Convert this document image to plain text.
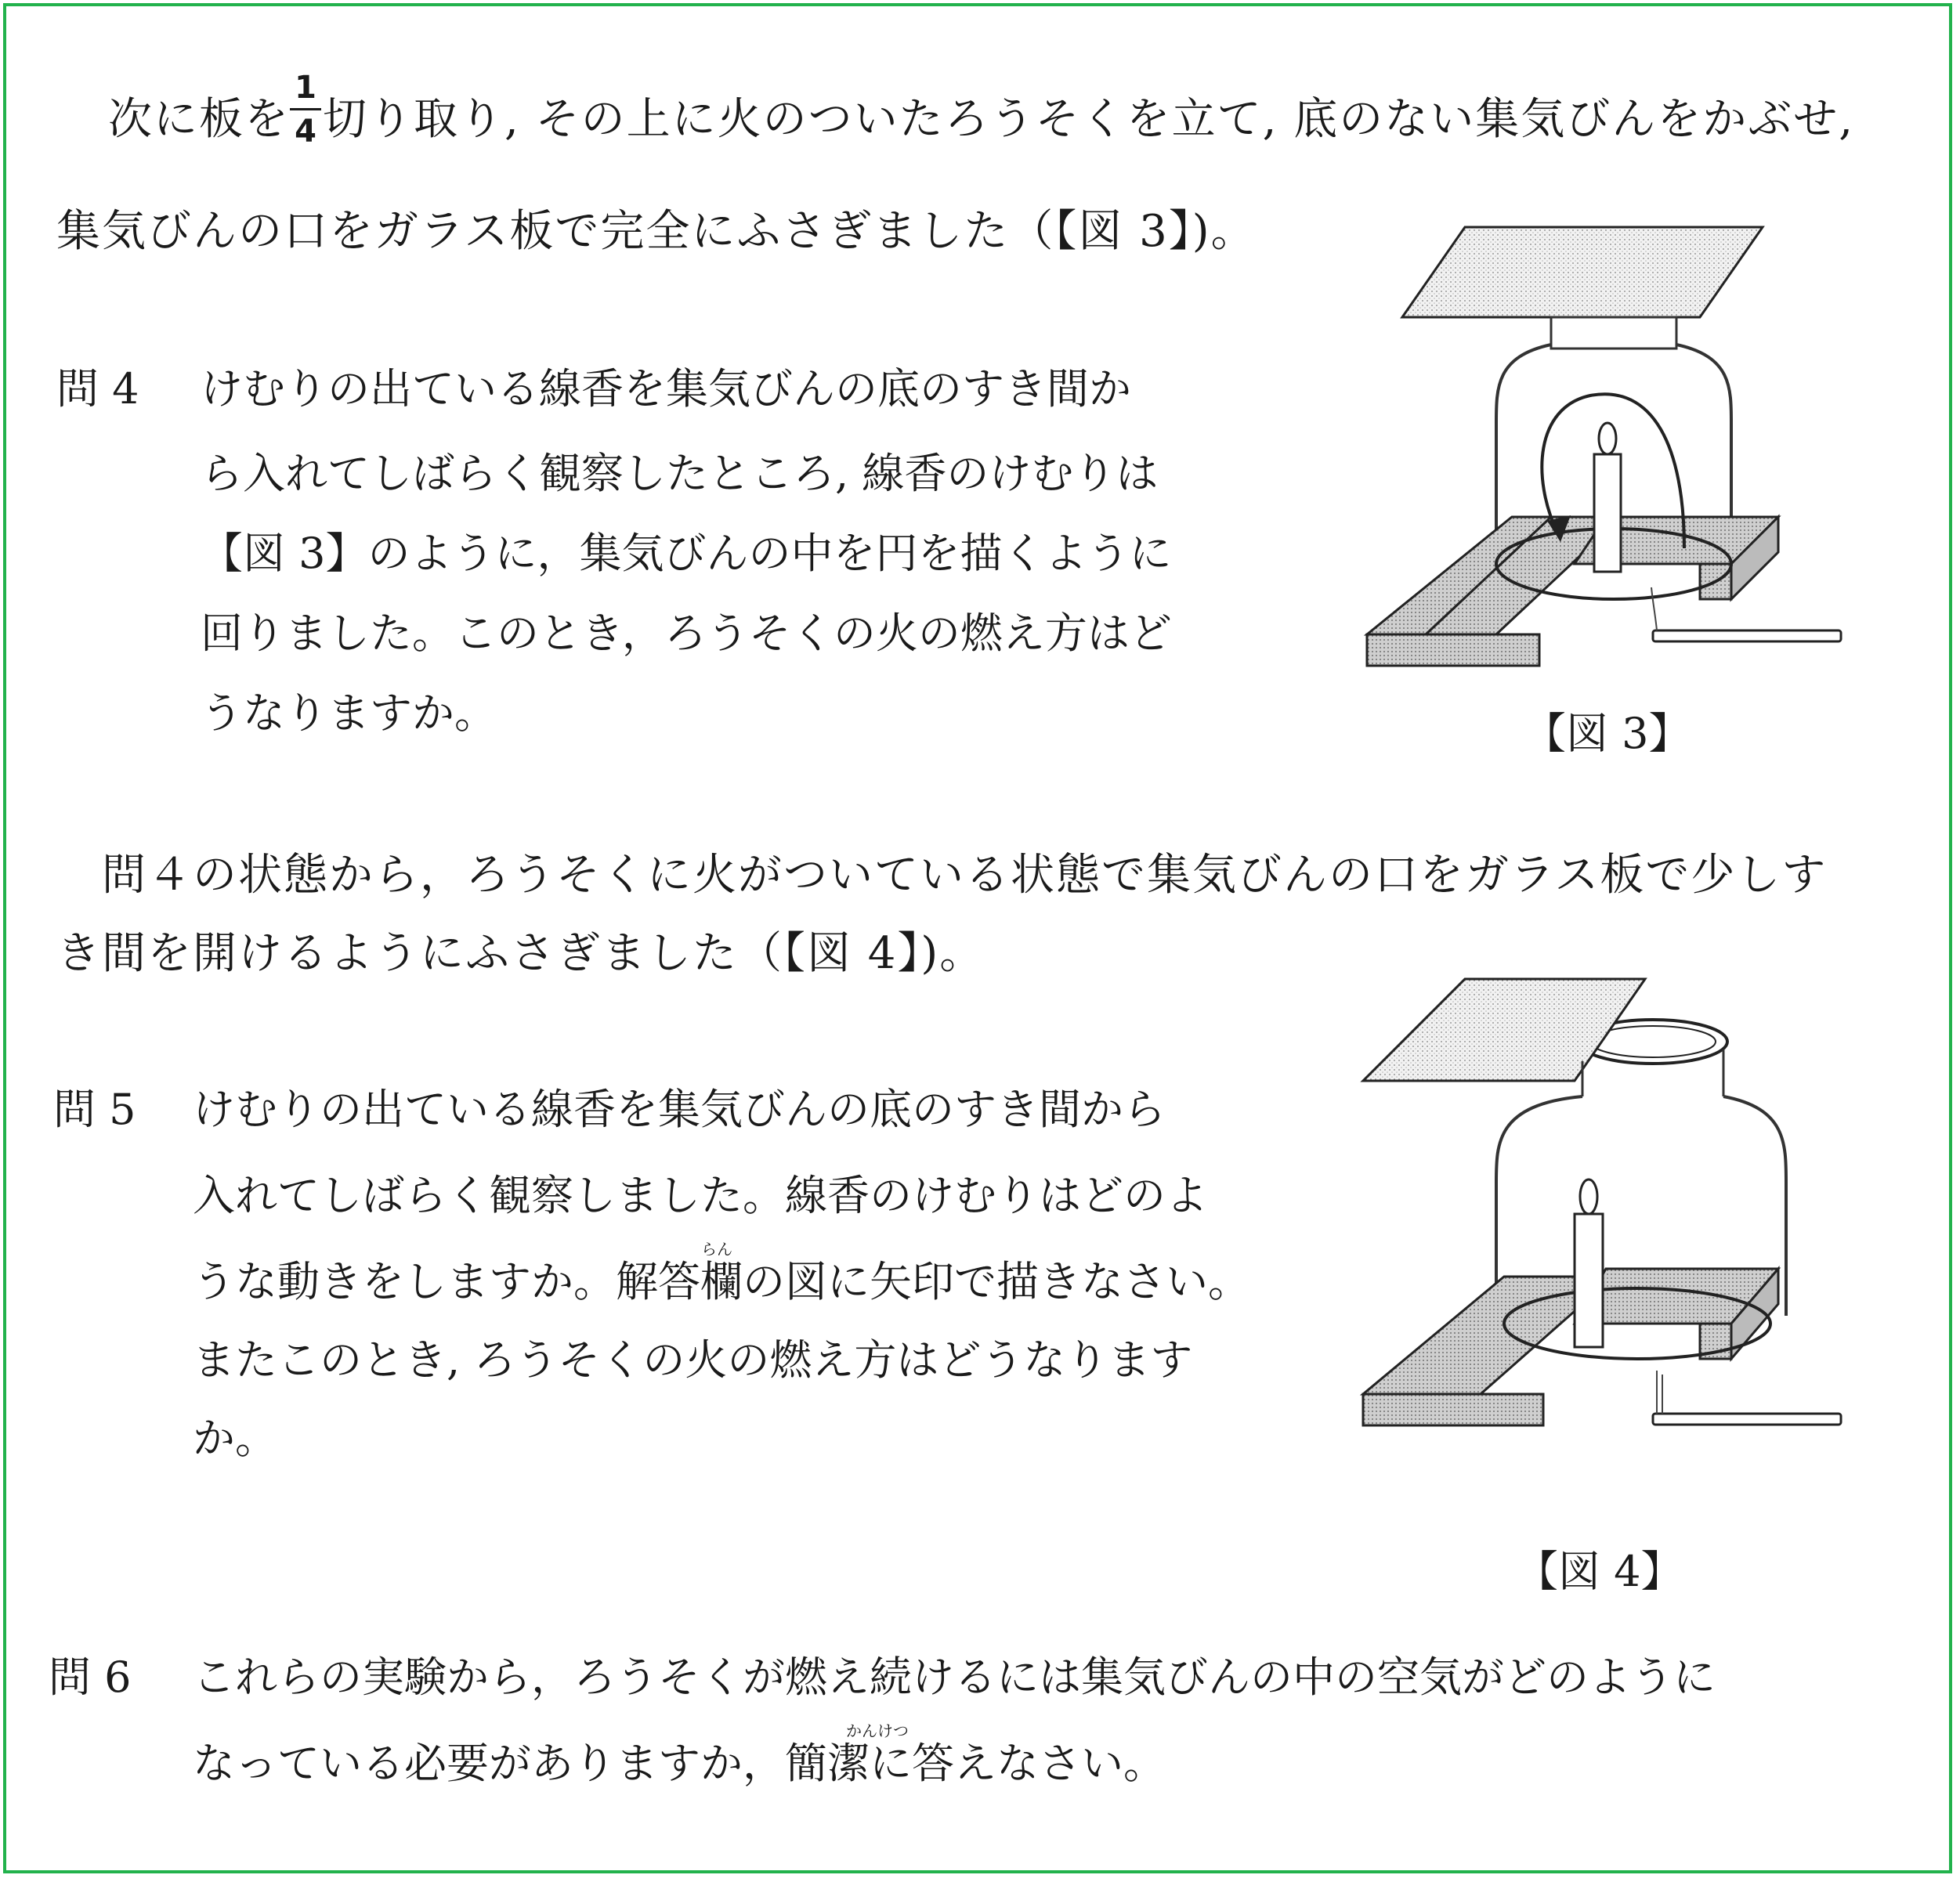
次に板を
1
4 切り取り, その上に火のついたろうそくを立て, 底のない集気びんをかぶせ,
集気びんの口をガラス板で完全にふさぎました（【図 3】)。
問 4 けむりの出ている線香を集気びんの底のすき間か
ら入れてしばらく観察したところ, 線香のけむりは
【図 3】のように，集気びんの中を円を描くように
回りました。このとき，ろうそくの火の燃え方はど
うなりますか。	【図 3】
問４の状態から，ろうそくに火がついている状態で集気びんの口をガラス板で少しす
き間を開けるようにふさぎました（【図 4】)。
問 5 けむりの出ている線香を集気びんの底のすき間から
入れてしばらく観察しました。線香のけむりはどのよ
らん
うな動きをしますか。解答欄の図に矢印で描きなさい。
またこのとき, ろうそくの火の燃え方はどうなります
か。
【図 4】
問 6 これらの実験から，ろうそくが燃え続けるには集気びんの中の空気がどのように
かんけつ
なっている必要がありますか，簡潔に答えなさい。
